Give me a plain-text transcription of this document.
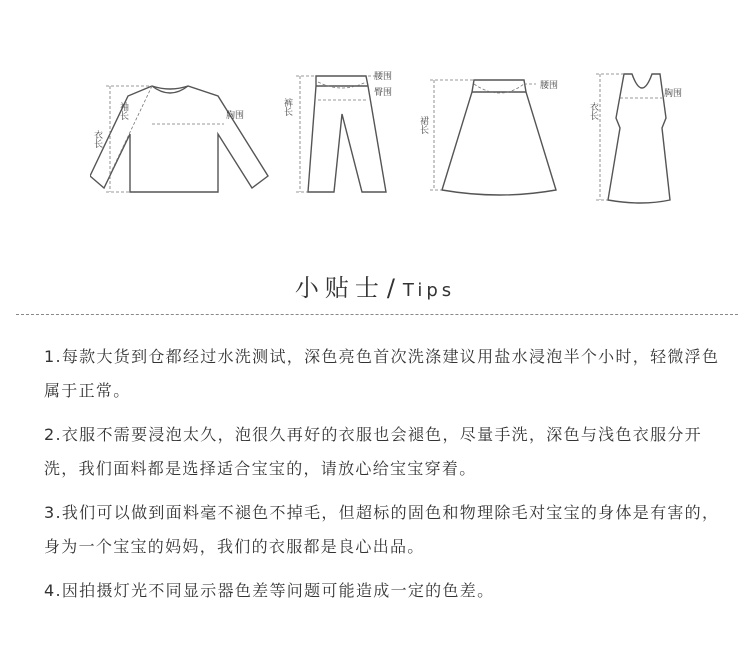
衣长
袖长	胸围	裤长
腰围
臀围
裙长
腰围
衣长
胸围
小贴士/ Tips
1.每款大货到仓都经过水洗测试，深色亮色首次洗涤建议用盐水浸泡半个小时，轻微浮色属于正常。
2.衣服不需要浸泡太久，泡很久再好的衣服也会褪色，尽量手洗，深色与浅色衣服分开洗，我们面料都是选择适合宝宝的，请放心给宝宝穿着。
3.我们可以做到面料毫不褪色不掉毛，但超标的固色和物理除毛对宝宝的身体是有害的，身为一个宝宝的妈妈，我们的衣服都是良心出品。
4.因拍摄灯光不同显示器色差等问题可能造成一定的色差。
